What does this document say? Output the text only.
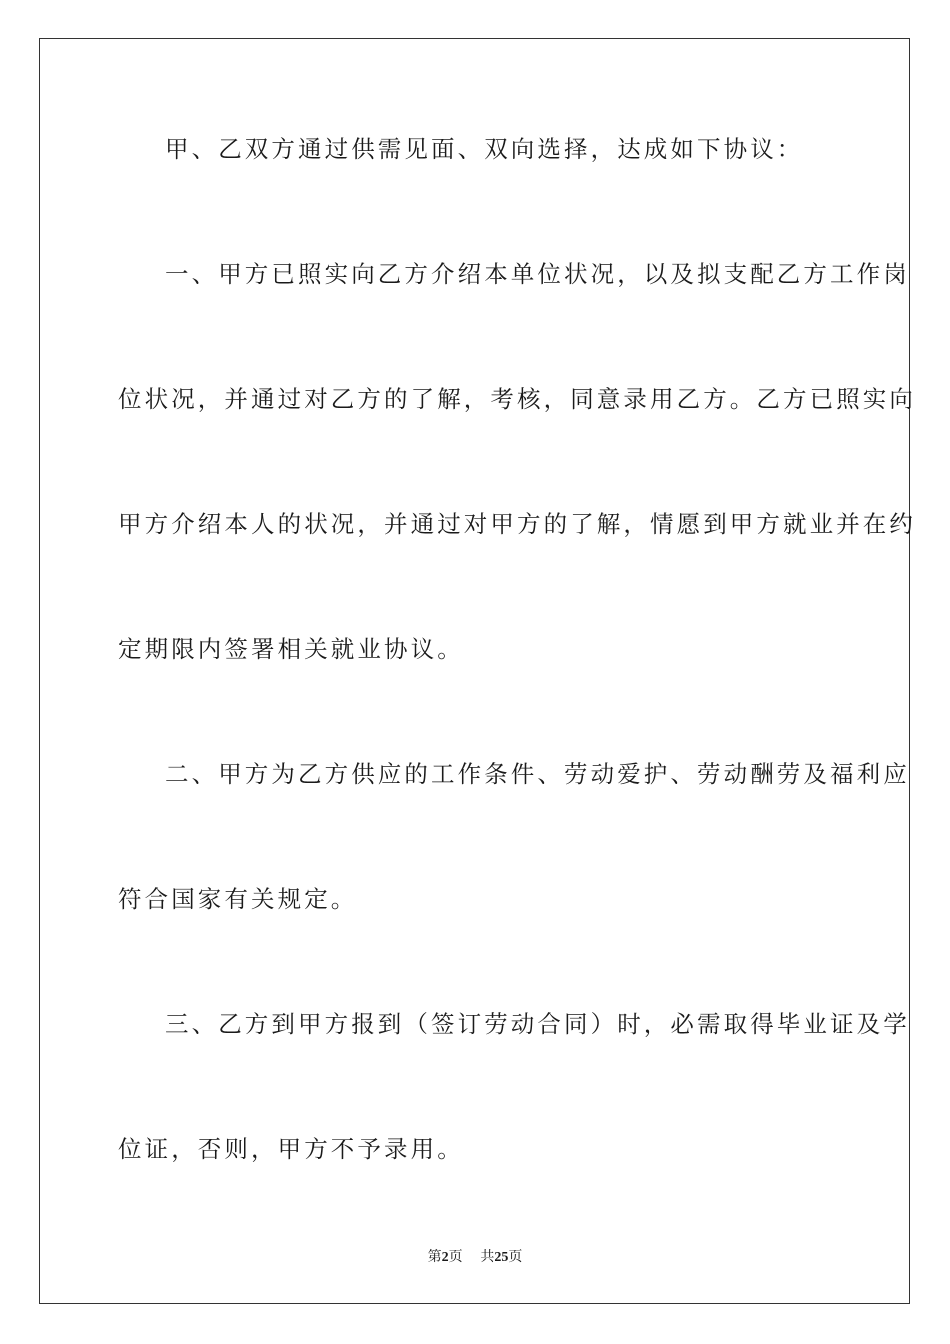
甲、乙双方通过供需见面、双向选择，达成如下协议：
一、甲方已照实向乙方介绍本单位状况，以及拟支配乙方工作岗
位状况，并通过对乙方的了解，考核，同意录用乙方。乙方已照实向
甲方介绍本人的状况，并通过对甲方的了解，情愿到甲方就业并在约
定期限内签署相关就业协议。
二、甲方为乙方供应的工作条件、劳动爱护、劳动酬劳及福利应
符合国家有关规定。
三、乙方到甲方报到（签订劳动合同）时，必需取得毕业证及学
位证，否则，甲方不予录用。
第2页 共25页
